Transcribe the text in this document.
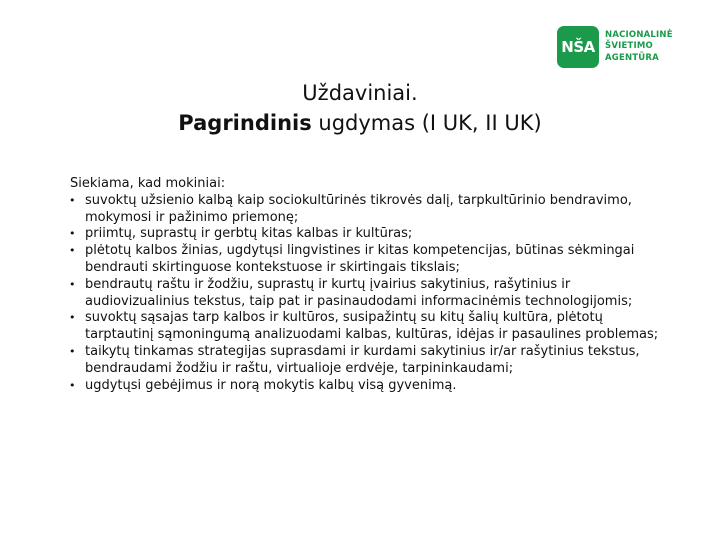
NŠA
NACIONALINĖ
ŠVIETIMO
AGENTŪRA
Uždaviniai.
Pagrindinis ugdymas (I UK, II UK)

Siekiama, kad mokiniai:

• suvoktų užsienio kalbą kaip sociokultūrinės tikrovės dalį, tarpkultūrinio bendravimo, mokymosi ir pažinimo priemonę;
• priimtų, suprastų ir gerbtų kitas kalbas ir kultūras;
• plėtotų kalbos žinias, ugdytųsi lingvistines ir kitas kompetencijas, būtinas sėkmingai bendrauti skirtinguose kontekstuose ir skirtingais tikslais;
• bendrautų raštu ir žodžiu, suprastų ir kurtų įvairius sakytinius, rašytinius ir audiovizualinius tekstus, taip pat ir pasinaudodami informacinėmis technologijomis;
• suvoktų sąsajas tarp kalbos ir kultūros, susipažintų su kitų šalių kultūra, plėtotų tarptautinį sąmoningumą analizuodami kalbas, kultūras, idėjas ir pasaulines problemas;
• taikytų tinkamas strategijas suprasdami ir kurdami sakytinius ir/ar rašytinius tekstus, bendraudami žodžiu ir raštu, virtualioje erdvėje, tarpininkaudami;
• ugdytųsi gebėjimus ir norą mokytis kalbų visą gyvenimą.
